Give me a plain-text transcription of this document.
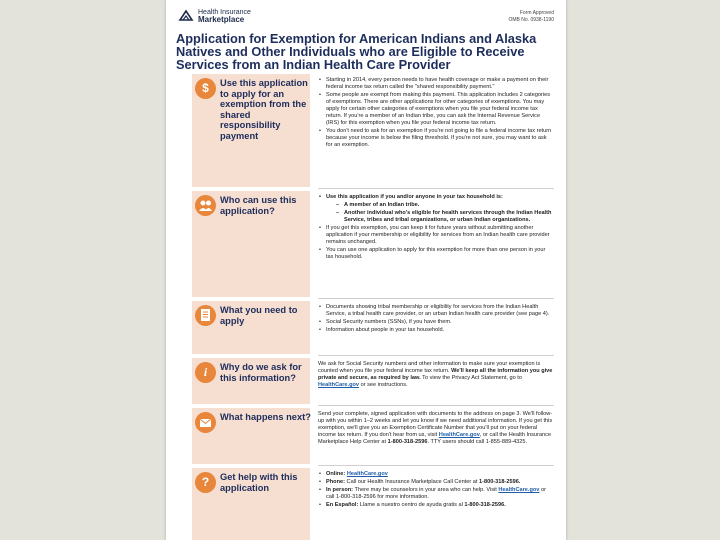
Health Insurance
Marketplace
Form Approved
OMB No. 0938-1190
Application for Exemption for American Indians and Alaska Natives and Other Individuals who are Eligible to Receive Services from an Indian Health Care Provider
$	Use this application to apply for an exemption from the shared responsibility payment
• Starting in 2014, every person needs to have health coverage or make a payment on their federal income tax return called the "shared responsibility payment."
• Some people are exempt from making this payment. This application includes 2 categories of exemptions. There are other applications for other categories of exemptions. You may apply for certain other categories of exemptions when you file your federal income tax return. If you're a member of an Indian tribe, you can ask the Internal Revenue Service (IRS) for this exemption when you file your federal income tax return.
• You don't need to ask for an exemption if you're not going to file a federal income tax return because your income is below the filing threshold. If you're not sure, you may want to ask for an exemption.
Who can use this application?
• Use this application if you and/or anyone in your tax household is:
– A member of an Indian tribe.
– Another individual who's eligible for health services through the Indian Health Service, tribes and tribal organizations, or urban Indian organizations.
• If you get this exemption, you can keep it for future years without submitting another application if your membership or eligibility for services from an Indian health care provider remains unchanged.
• You can use one application to apply for this exemption for more than one person in your tax household.
What you need to apply
• Documents showing tribal membership or eligibility for services from the Indian Health Service, a tribal health care provider, or an urban Indian health care provider (see page 4).
• Social Security numbers (SSNs), if you have them.
• Information about people in your tax household.
i	Why do we ask for this information?

We ask for Social Security numbers and other information to make sure your exemption is counted when you file your federal income tax return. We'll keep all the information you give private and secure, as required by law. To view the Privacy Act Statement, go to HealthCare.gov or see instructions.

What happens next? Send your complete, signed application with documents to the address on page 3. We'll follow-up with you within 1–2 weeks and let you know if we need additional information. If you get this exemption, we'll give you an Exemption Certificate Number that you'll put on your federal income tax return. If you don't hear from us, visit HealthCare.gov, or call the Health Insurance Marketplace Help Center at 1-800-318-2596. TTY users should call 1-855-889-4325.

?	Get help with this application
• Online: HealthCare.gov
• Phone: Call our Health Insurance Marketplace Call Center at 1-800-318-2596.
• In person: There may be counselors in your area who can help. Visit HealthCare.gov or call 1-800-318-2596 for more information.
• En Español: Llame a nuestro centro de ayuda gratis al 1-800-318-2596.
